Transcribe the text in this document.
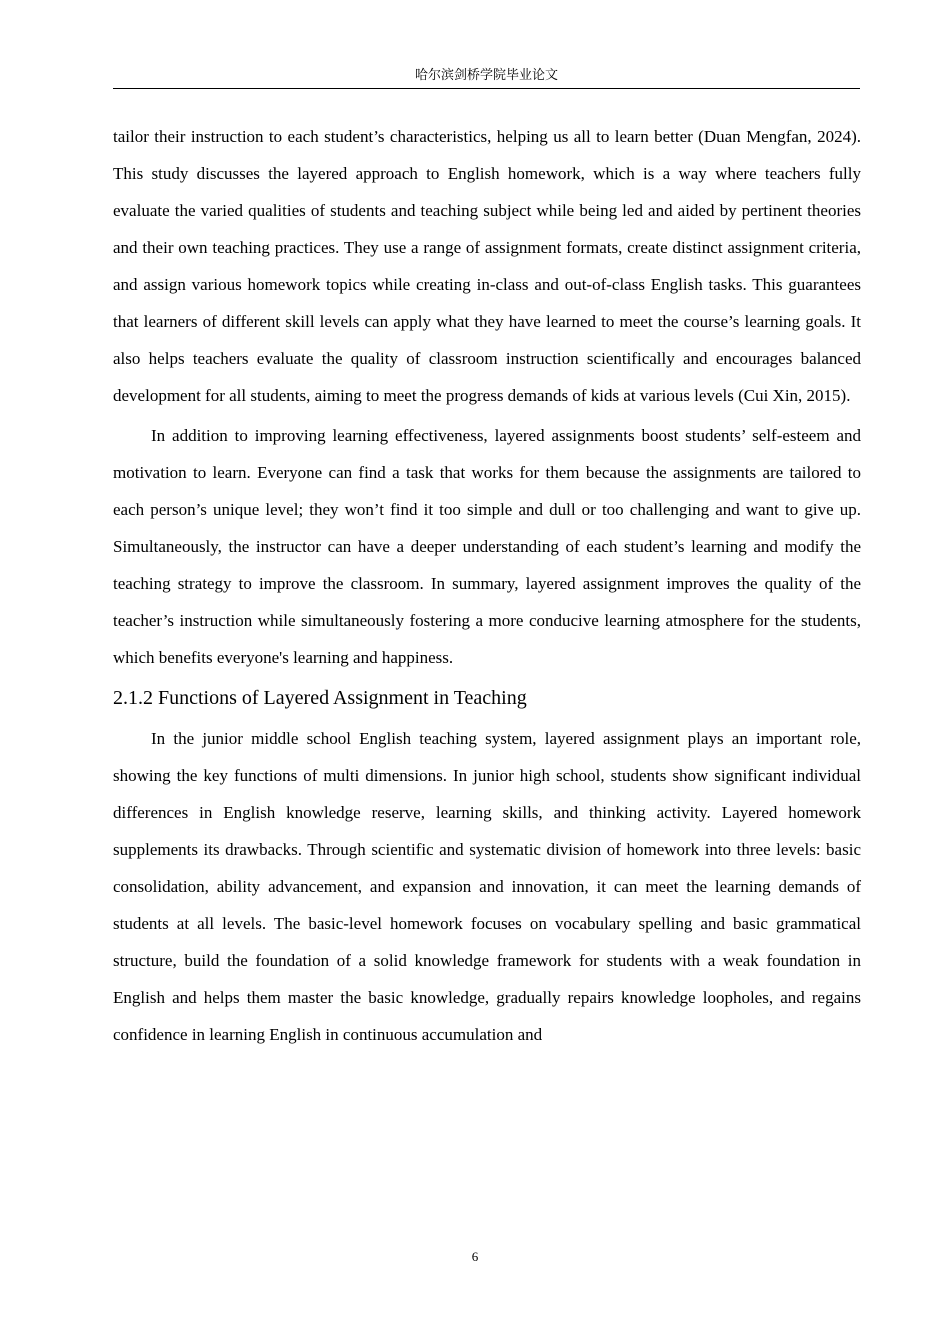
哈尔滨剑桥学院毕业论文

tailor their instruction to each student’s characteristics, helping us all to learn better (Duan Mengfan, 2024). This study discusses the layered approach to English homework, which is a way where teachers fully evaluate the varied qualities of students and teaching subject while being led and aided by pertinent theories and their own teaching practices. They use a range of assignment formats, create distinct assignment criteria, and assign various homework topics while creating in-class and out-of-class English tasks. This guarantees that learners of different skill levels can apply what they have learned to meet the course’s learning goals. It also helps teachers evaluate the quality of classroom instruction scientifically and encourages balanced development for all students, aiming to meet the progress demands of kids at various levels (Cui Xin, 2015).

In addition to improving learning effectiveness, layered assignments boost students’ self-esteem and motivation to learn. Everyone can find a task that works for them because the assignments are tailored to each person’s unique level; they won’t find it too simple and dull or too challenging and want to give up. Simultaneously, the instructor can have a deeper understanding of each student’s learning and modify the teaching strategy to improve the classroom. In summary, layered assignment improves the quality of the teacher’s instruction while simultaneously fostering a more conducive learning atmosphere for the students, which benefits everyone's learning and happiness.

2.1.2 Functions of Layered Assignment in Teaching

In the junior middle school English teaching system, layered assignment plays an important role, showing the key functions of multi dimensions. In junior high school, students show significant individual differences in English knowledge reserve, learning skills, and thinking activity. Layered homework supplements its drawbacks. Through scientific and systematic division of homework into three levels: basic consolidation, ability advancement, and expansion and innovation, it can meet the learning demands of students at all levels. The basic-level homework focuses on vocabulary spelling and basic grammatical structure, build the foundation of a solid knowledge framework for students with a weak foundation in English and helps them master the basic knowledge, gradually repairs knowledge loopholes, and regains confidence in learning English in continuous accumulation and

6
